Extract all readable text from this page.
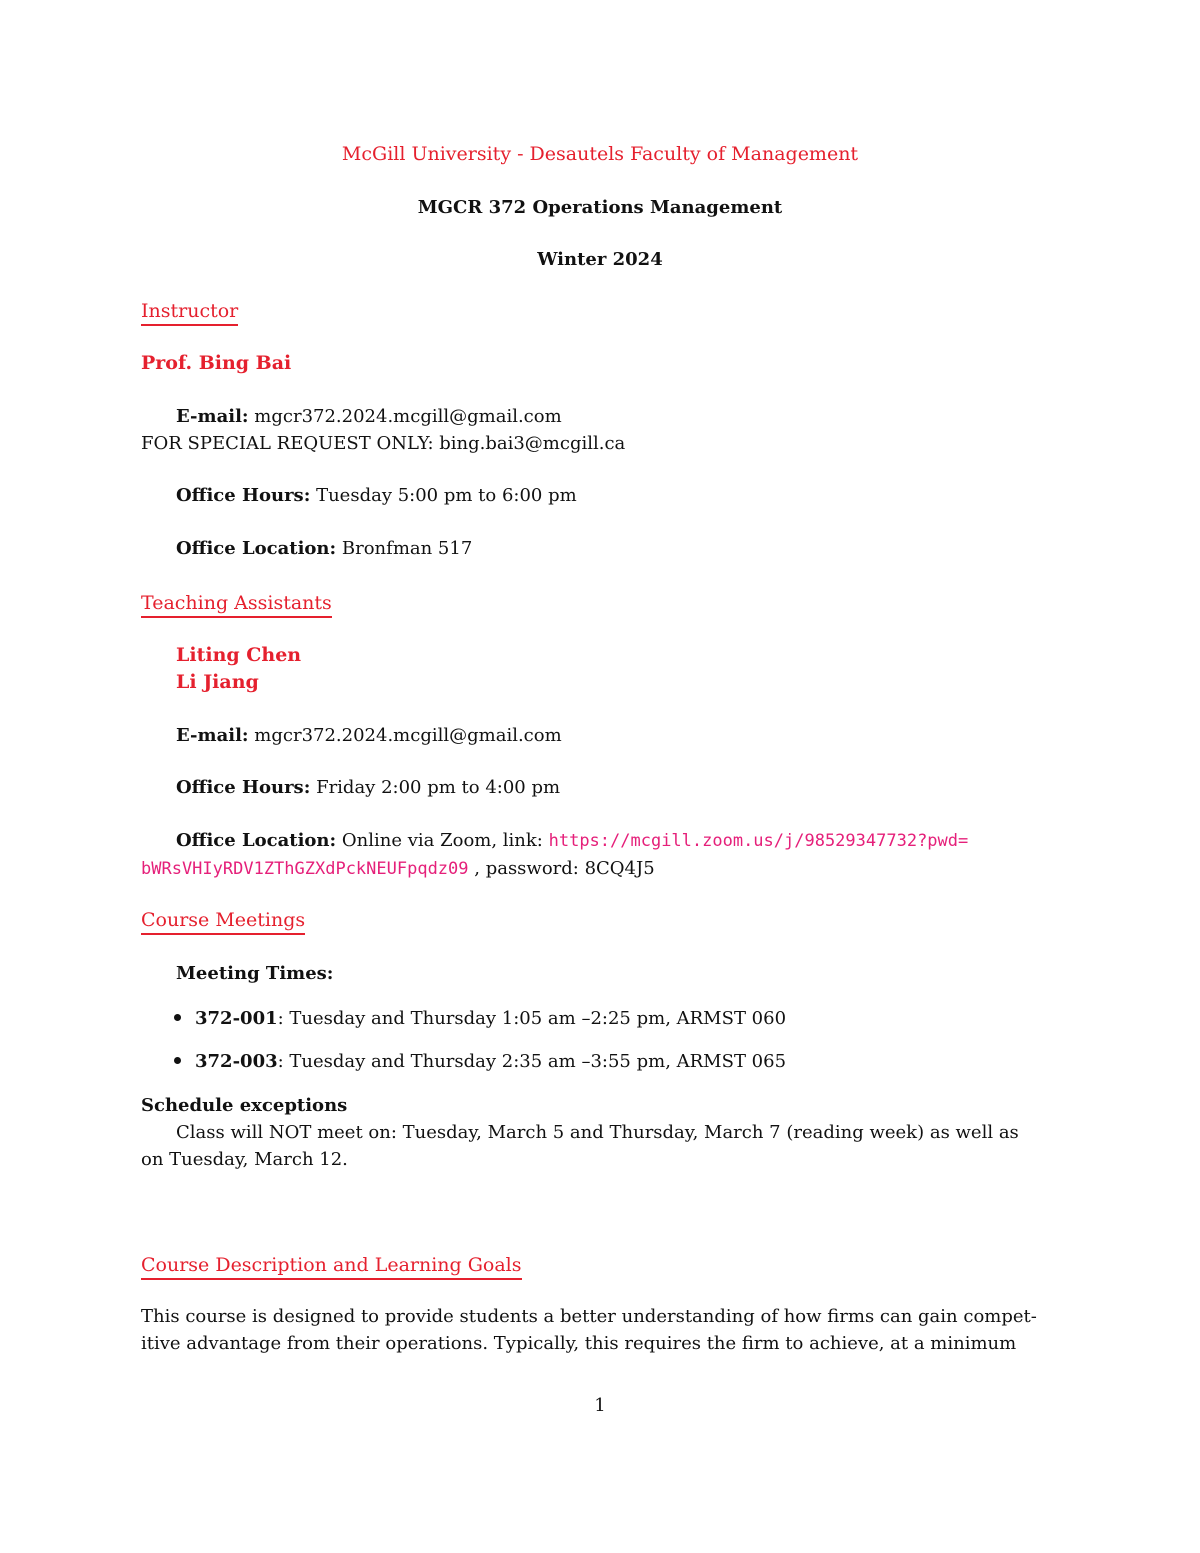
McGill University - Desautels Faculty of Management
MGCR 372 Operations Management
Winter 2024
Instructor
Prof. Bing Bai
E-mail: mgcr372.2024.mcgill@gmail.com
FOR SPECIAL REQUEST ONLY: bing.bai3@mcgill.ca
Office Hours: Tuesday 5:00 pm to 6:00 pm
Office Location: Bronfman 517
Teaching Assistants
Liting Chen
Li Jiang
E-mail: mgcr372.2024.mcgill@gmail.com
Office Hours: Friday 2:00 pm to 4:00 pm
Office Location: Online via Zoom, link: https://mcgill.zoom.us/j/98529347732?pwd=
bWRsVHIyRDV1ZThGZXdPckNEUFpqdz09 , password: 8CQ4J5
Course Meetings
Meeting Times:
372-001: Tuesday and Thursday 1:05 am –2:25 pm, ARMST 060
372-003: Tuesday and Thursday 2:35 am –3:55 pm, ARMST 065
Schedule exceptions
Class will NOT meet on: Tuesday, March 5 and Thursday, March 7 (reading week) as well as
on Tuesday, March 12.
Course Description and Learning Goals
This course is designed to provide students a better understanding of how firms can gain compet-
itive advantage from their operations. Typically, this requires the firm to achieve, at a minimum
1
